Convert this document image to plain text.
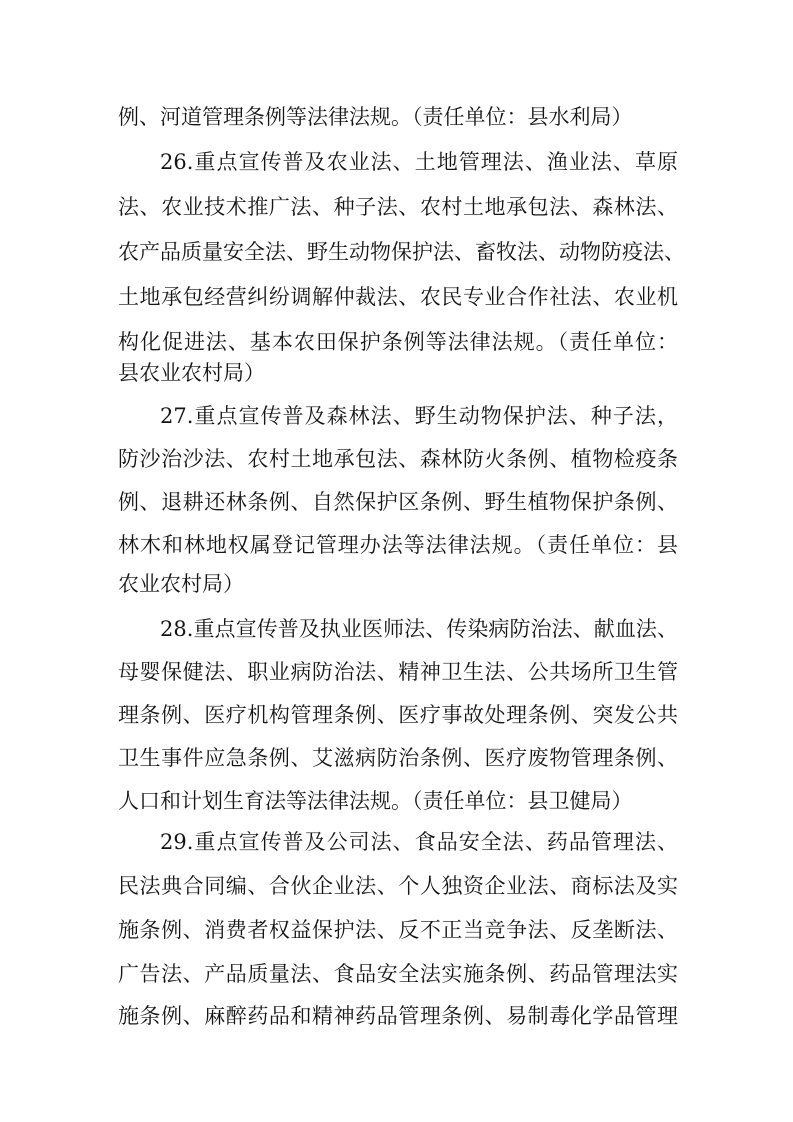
例、河道管理条例等法律法规。（责任单位：县水利局）
26.重点宣传普及农业法、土地管理法、渔业法、草原
法、农业技术推广法、种子法、农村土地承包法、森林法、
农产品质量安全法、野生动物保护法、畜牧法、动物防疫法、
土地承包经营纠纷调解仲裁法、农民专业合作社法、农业机
构化促进法、基本农田保护条例等法律法规。（责任单位：
县农业农村局）
27.重点宣传普及森林法、野生动物保护法、种子法，
防沙治沙法、农村土地承包法、森林防火条例、植物检疫条
例、退耕还林条例、自然保护区条例、野生植物保护条例、
林木和林地权属登记管理办法等法律法规。（责任单位：县
农业农村局）
28.重点宣传普及执业医师法、传染病防治法、献血法、
母婴保健法、职业病防治法、精神卫生法、公共场所卫生管
理条例、医疗机构管理条例、医疗事故处理条例、突发公共
卫生事件应急条例、艾滋病防治条例、医疗废物管理条例、
人口和计划生育法等法律法规。（责任单位：县卫健局）
29.重点宣传普及公司法、食品安全法、药品管理法、
民法典合同编、合伙企业法、个人独资企业法、商标法及实
施条例、消费者权益保护法、反不正当竞争法、反垄断法、
广告法、产品质量法、食品安全法实施条例、药品管理法实
施条例、麻醉药品和精神药品管理条例、易制毒化学品管理
